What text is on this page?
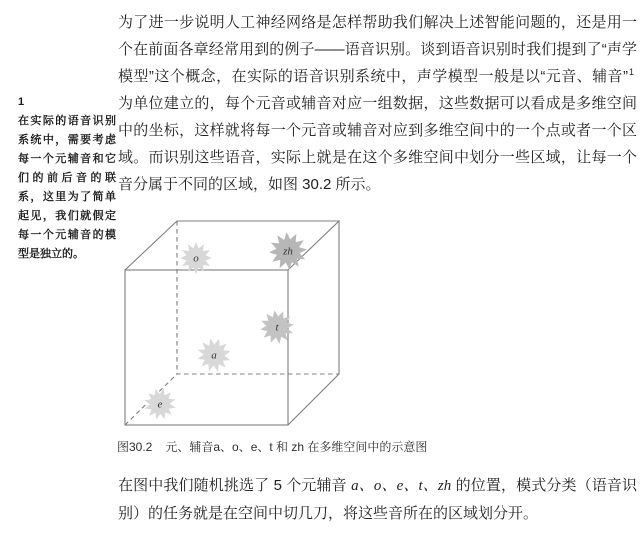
1
在实际的语音识别系统中，需要考虑每一个元辅音和它们的前后音的联系，这里为了简单起见，我们就假定每一个元辅音的模型是独立的。

为了进一步说明人工神经网络是怎样帮助我们解决上述智能问题的，还是用一个在前面各章经常用到的例子——语音识别。谈到语音识别时我们提到了“声学模型”这个概念，在实际的语音识别系统中，声学模型一般是以“元音、辅音”$^1$为单位建立的，每个元音或辅音对应一组数据，这些数据可以看成是多维空间中的坐标，这样就将每一个元音或辅音对应到多维空间中的一个点或者一个区域。而识别这些语音，实际上就是在这个多维空间中划分一些区域，让每一个音分属于不同的区域，如图 30.2 所示。

o
zh
t
a
e
图30.2 元、辅音a、o、e、t 和 zh 在多维空间中的示意图

在图中我们随机挑选了 5 个元辅音 a、o、e、t、zh 的位置，模式分类（语音识别）的任务就是在空间中切几刀，将这些音所在的区域划分开。
